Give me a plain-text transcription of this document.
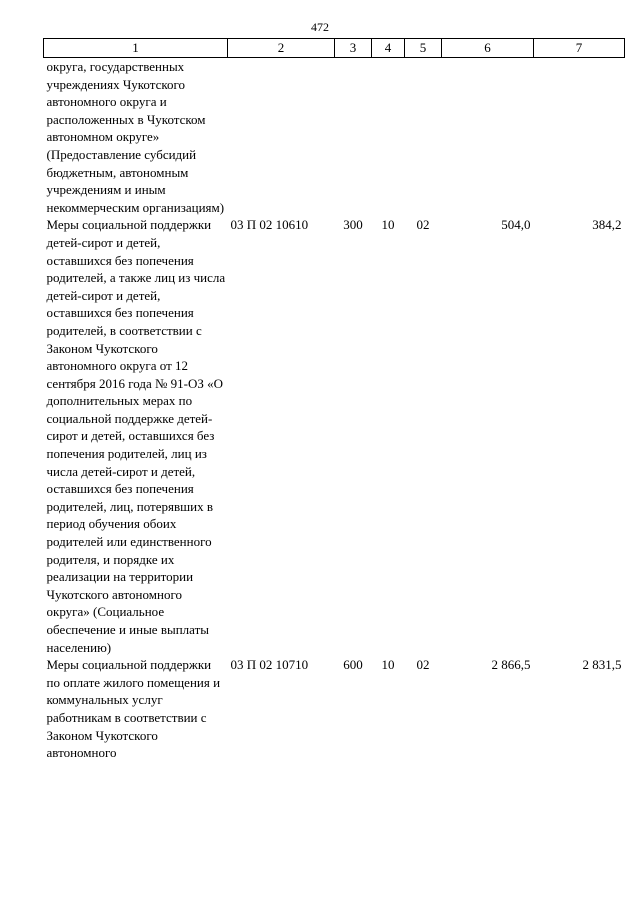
472
1	2	3	4	5	6	7
округа, государственных учреждениях Чукотского автономного округа и расположенных в Чукотском автономном округе» (Предоставление субсидий бюджетным, автономным учреждениям и иным некоммерческим организациям)						
Меры социальной поддержки детей-сирот и детей, оставшихся без попечения родителей, а также лиц из числа детей-сирот и детей, оставшихся без попечения родителей, в соответствии с Законом Чукотского автономного округа от 12 сентября 2016 года № 91-ОЗ «О дополнительных мерах по социальной поддержке детей-сирот и детей, оставшихся без попечения родителей, лиц из числа детей-сирот и детей, оставшихся без попечения родителей, лиц, потерявших в период обучения обоих родителей или единственного родителя, и порядке их реализации на территории Чукотского автономного округа» (Социальное обеспечение и иные выплаты населению)	03 П 02 10610	300	10	02	504,0	384,2
Меры социальной поддержки по оплате жилого помещения и коммунальных услуг работникам в соответствии с Законом Чукотского автономного	03 П 02 10710	600	10	02	2 866,5	2 831,5
